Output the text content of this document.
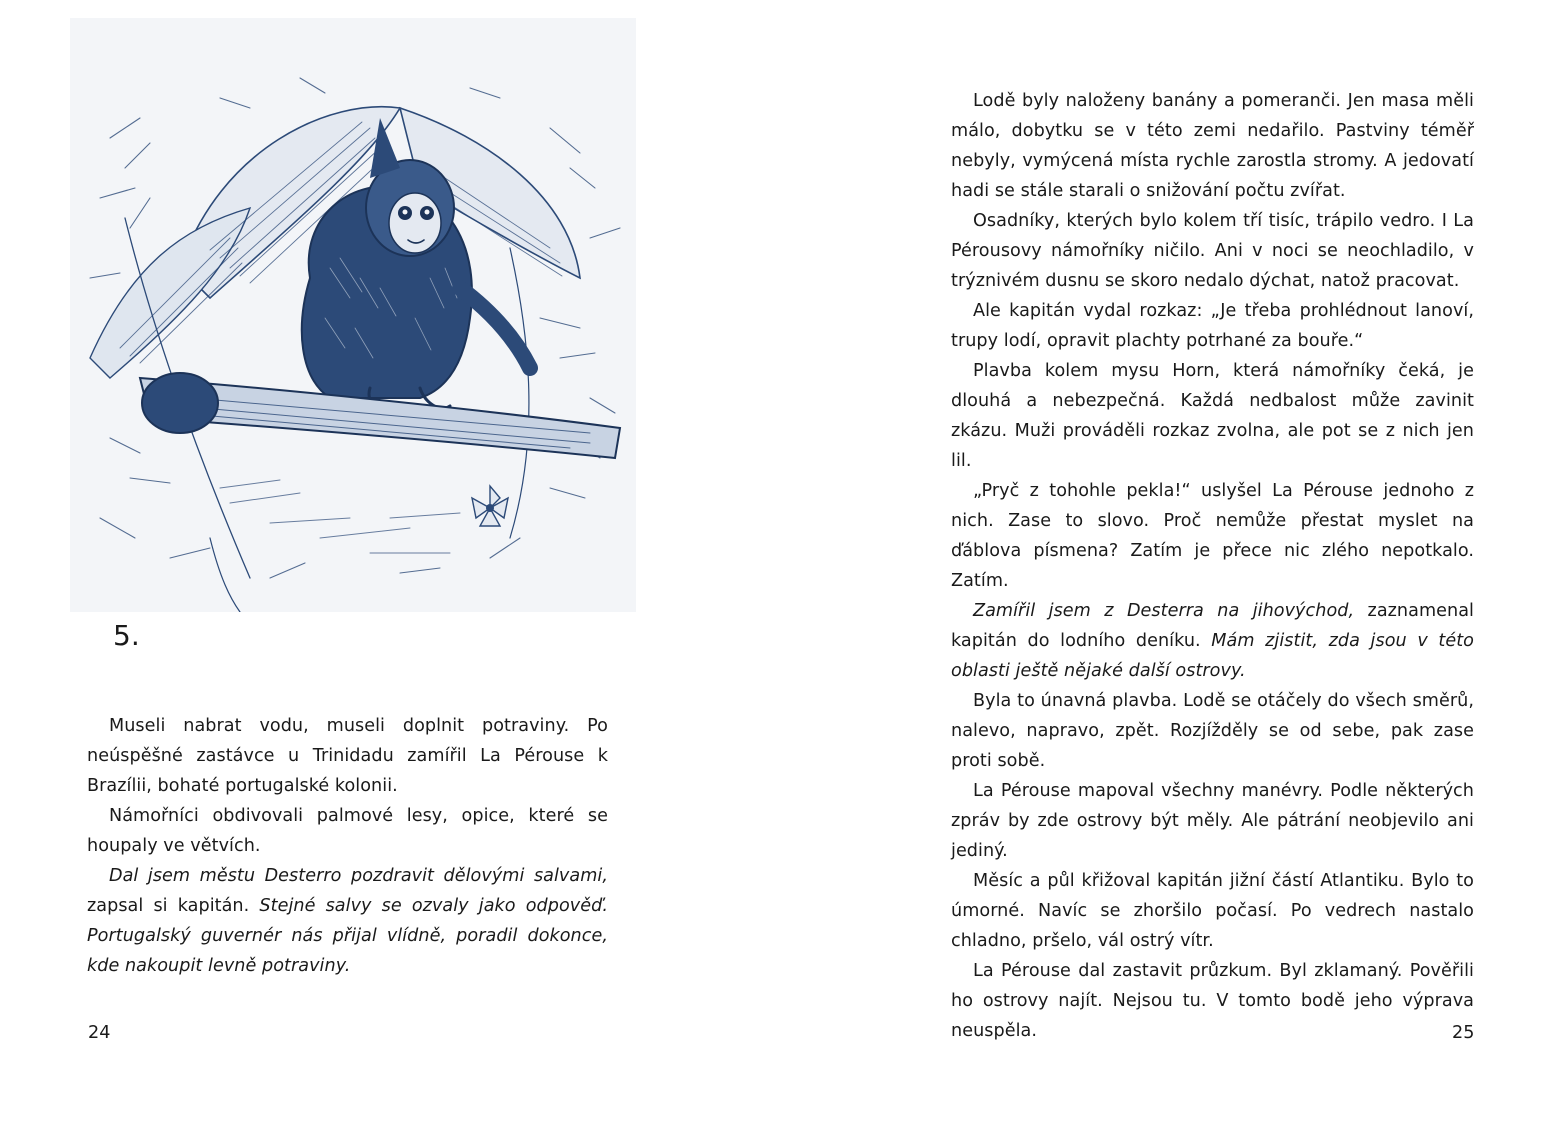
5.

Museli nabrat vodu, museli doplnit potraviny. Po neúspěšné zastávce u Trinidadu zamířil La Pérouse k Brazílii, bohaté portugalské kolonii.

Námořníci obdivovali palmové lesy, opice, které se houpaly ve větvích.

Dal jsem městu Desterro pozdravit dělovými salvami, zapsal si kapitán. Stejné salvy se ozvaly jako odpověď. Portugalský guvernér nás přijal vlídně, poradil dokonce, kde nakoupit levně potraviny.

24

Lodě byly naloženy banány a pomeranči. Jen masa měli málo, dobytku se v této zemi nedařilo. Pastviny téměř nebyly, vymýcená místa rychle zarostla stromy. A jedovatí hadi se stále starali o snižování počtu zvířat.

Osadníky, kterých bylo kolem tří tisíc, trápilo vedro. I La Pérousovy námořníky ničilo. Ani v noci se neochladilo, v trýznivém dusnu se skoro nedalo dýchat, natož pracovat.

Ale kapitán vydal rozkaz: „Je třeba prohlédnout lanoví, trupy lodí, opravit plachty potrhané za bouře.“

Plavba kolem mysu Horn, která námořníky čeká, je dlouhá a nebezpečná. Každá nedbalost může zavinit zkázu. Muži prováděli rozkaz zvolna, ale pot se z nich jen lil.

„Pryč z tohohle pekla!“ uslyšel La Pérouse jednoho z nich. Zase to slovo. Proč nemůže přestat myslet na ďáblova písmena? Zatím je přece nic zlého nepotkalo. Zatím.

Zamířil jsem z Desterra na jihovýchod, zaznamenal kapitán do lodního deníku. Mám zjistit, zda jsou v této oblasti ještě nějaké další ostrovy.

Byla to únavná plavba. Lodě se otáčely do všech směrů, nalevo, napravo, zpět. Rozjížděly se od sebe, pak zase proti sobě.

La Pérouse mapoval všechny manévry. Podle některých zpráv by zde ostrovy být měly. Ale pátrání neobjevilo ani jediný.

Měsíc a půl křižoval kapitán jižní částí Atlantiku. Bylo to úmorné. Navíc se zhoršilo počasí. Po vedrech nastalo chladno, pršelo, vál ostrý vítr.

La Pérouse dal zastavit průzkum. Byl zklamaný. Pověřili ho ostrovy najít. Nejsou tu. V tomto bodě jeho výprava neuspěla.	25
